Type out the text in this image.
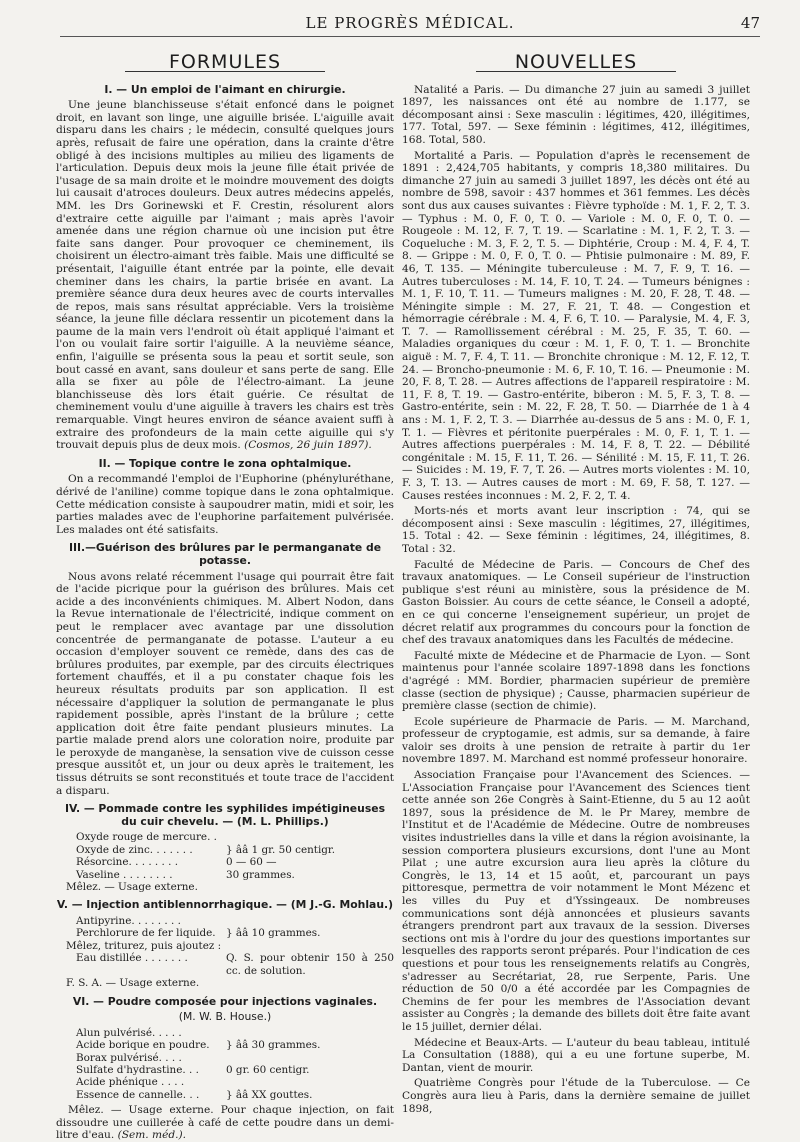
LE PROGRÈS MÉDICAL.	47
FORMULES
I. — Un emploi de l'aimant en chirurgie.

Une jeune blanchisseuse s'était enfoncé dans le poignet droit, en lavant son linge, une aiguille brisée. L'aiguille avait disparu dans les chairs ; le médecin, consulté quelques jours après, refusait de faire une opération, dans la crainte d'être obligé à des incisions multiples au milieu des ligaments de l'articulation. Depuis deux mois la jeune fille était privée de l'usage de sa main droite et le moindre mouvement des doigts lui causait d'atroces douleurs. Deux autres médecins appelés, MM. les Drs Gorinewski et F. Crestin, résolurent alors d'extraire cette aiguille par l'aimant ; mais après l'avoir amenée dans une région charnue où une incision put être faite sans danger. Pour provoquer ce cheminement, ils choisirent un électro-aimant très faible. Mais une difficulté se présentait, l'aiguille étant entrée par la pointe, elle devait cheminer dans les chairs, la partie brisée en avant. La première séance dura deux heures avec de courts intervalles de repos, mais sans résultat appréciable. Vers la troisième séance, la jeune fille déclara ressentir un picotement dans la paume de la main vers l'endroit où était appliqué l'aimant et l'on ou voulait faire sortir l'aiguille. A la neuvième séance, enfin, l'aiguille se présenta sous la peau et sortit seule, son bout cassé en avant, sans douleur et sans perte de sang. Elle alla se fixer au pôle de l'électro-aimant. La jeune blanchisseuse dès lors était guérie. Ce résultat de cheminement voulu d'une aiguille à travers les chairs est très remarquable. Vingt heures environ de séance avaient suffi à extraire des profondeurs de la main cette aiguille qui s'y trouvait depuis plus de deux mois. (Cosmos, 26 juin 1897).

II. — Topique contre le zona ophtalmique.

On a recommandé l'emploi de l'Euphorine (phényluréthane, dérivé de l'aniline) comme topique dans le zona ophtalmique. Cette médication consiste à saupoudrer matin, midi et soir, les parties malades avec de l'euphorine parfaitement pulvérisée. Les malades ont été satisfaits.

III.—Guérison des brûlures par le permanganate de potasse.

Nous avons relaté récemment l'usage qui pourrait être fait de l'acide picrique pour la guérison des brûlures. Mais cet acide a des inconvénients chimiques. M. Albert Nodon, dans la Revue internationale de l'électricité, indique comment on peut le remplacer avec avantage par une dissolution concentrée de permanganate de potasse. L'auteur a eu occasion d'employer souvent ce remède, dans des cas de brûlures produites, par exemple, par des circuits électriques fortement chauffés, et il a pu constater chaque fois les heureux résultats produits par son application. Il est nécessaire d'appliquer la solution de permanganate le plus rapidement possible, après l'instant de la brûlure ; cette application doit être faite pendant plusieurs minutes. La partie malade prend alors une coloration noire, produite par le peroxyde de manganèse, la sensation vive de cuisson cesse presque aussitôt et, un jour ou deux après le traitement, les tissus détruits se sont reconstitués et toute trace de l'accident a disparu.

IV. — Pommade contre les syphilides impétigineuses du cuir chevelu. — (M. L. Phillips.)
Oxyde rouge de mercure. .
Oxyde de zinc. . . . . . .	} ââ 1 gr. 50 centigr.
Résorcine. . . . . . . .	0 — 60 —
Vaseline . . . . . . . .	30 grammes.
Mêlez. — Usage externe.
V. — Injection antiblennorrhagique. — (M J.-G. Mohlau.)
Antipyrine. . . . . . . .
Perchlorure de fer liquide.	} ââ 10 grammes.
Mêlez, triturez, puis ajoutez :
Eau distillée . . . . . . .	Q. S. pour obtenir 150 à 250 cc. de solution.
F. S. A. — Usage externe.
VI. — Poudre composée pour injections vaginales.
(M. W. B. House.)
Alun pulvérisé. . . . .
Acide borique en poudre.	} ââ 30 grammes.
Borax pulvérisé. . . .
Sulfate d'hydrastine. . .	0 gr. 60 centigr.
Acide phénique . . . .
Essence de cannelle. . .	} ââ XX gouttes.

Mêlez. — Usage externe. Pour chaque injection, on fait dissoudre une cuillerée à café de cette poudre dans un demi-litre d'eau. (Sem. méd.).

NOUVELLES

Natalité a Paris. — Du dimanche 27 juin au samedi 3 juillet 1897, les naissances ont été au nombre de 1.177, se décomposant ainsi : Sexe masculin : légitimes, 420, illégitimes, 177. Total, 597. — Sexe féminin : légitimes, 412, illégitimes, 168. Total, 580.

Mortalité a Paris. — Population d'après le recensement de 1891 : 2,424,705 habitants, y compris 18,380 militaires. Du dimanche 27 juin au samedi 3 juillet 1897, les décès ont été au nombre de 598, savoir : 437 hommes et 361 femmes. Les décès sont dus aux causes suivantes : Fièvre typhoïde : M. 1, F. 2, T. 3. — Typhus : M. 0, F. 0, T. 0. — Variole : M. 0, F. 0, T. 0. — Rougeole : M. 12, F. 7, T. 19. — Scarlatine : M. 1, F. 2, T. 3. — Coqueluche : M. 3, F. 2, T. 5. — Diphtérie, Croup : M. 4, F. 4, T. 8. — Grippe : M. 0, F. 0, T. 0. — Phtisie pulmonaire : M. 89, F. 46, T. 135. — Méningite tuberculeuse : M. 7, F. 9, T. 16. — Autres tuberculoses : M. 14, F. 10, T. 24. — Tumeurs bénignes : M. 1, F. 10, T. 11. — Tumeurs malignes : M. 20, F. 28, T. 48. — Méningite simple : M. 27, F. 21, T. 48. — Congestion et hémorragie cérébrale : M. 4, F. 6, T. 10. — Paralysie, M. 4, F. 3, T. 7. — Ramollissement cérébral : M. 25, F. 35, T. 60. — Maladies organiques du cœur : M. 1, F. 0, T. 1. — Bronchite aiguë : M. 7, F. 4, T. 11. — Bronchite chronique : M. 12, F. 12, T. 24. — Broncho-pneumonie : M. 6, F. 10, T. 16. — Pneumonie : M. 20, F. 8, T. 28. — Autres affections de l'appareil respiratoire : M. 11, F. 8, T. 19. — Gastro-entérite, biberon : M. 5, F. 3, T. 8. — Gastro-entérite, sein : M. 22, F. 28, T. 50. — Diarrhée de 1 à 4 ans : M. 1, F. 2, T. 3. — Diarrhée au-dessus de 5 ans : M. 0, F. 1, T. 1. — Fièvres et péritonite puerpérales : M. 0, F. 1, T. 1. — Autres affections puerpérales : M. 14, F. 8, T. 22. — Débilité congénitale : M. 15, F. 11, T. 26. — Sénilité : M. 15, F. 11, T. 26. — Suicides : M. 19, F. 7, T. 26. — Autres morts violentes : M. 10, F. 3, T. 13. — Autres causes de mort : M. 69, F. 58, T. 127. — Causes restées inconnues : M. 2, F. 2, T. 4.

Morts-nés et morts avant leur inscription : 74, qui se décomposent ainsi : Sexe masculin : légitimes, 27, illégitimes, 15. Total : 42. — Sexe féminin : légitimes, 24, illégitimes, 8. Total : 32.

Faculté de Médecine de Paris. — Concours de Chef des travaux anatomiques. — Le Conseil supérieur de l'instruction publique s'est réuni au ministère, sous la présidence de M. Gaston Boissier. Au cours de cette séance, le Conseil a adopté, en ce qui concerne l'enseignement supérieur, un projet de décret relatif aux programmes du concours pour la fonction de chef des travaux anatomiques dans les Facultés de médecine.

Faculté mixte de Médecine et de Pharmacie de Lyon. — Sont maintenus pour l'année scolaire 1897-1898 dans les fonctions d'agrégé : MM. Bordier, pharmacien supérieur de première classe (section de physique) ; Causse, pharmacien supérieur de première classe (section de chimie).

Ecole supérieure de Pharmacie de Paris. — M. Marchand, professeur de cryptogamie, est admis, sur sa demande, à faire valoir ses droits à une pension de retraite à partir du 1er novembre 1897. M. Marchand est nommé professeur honoraire.

Association Française pour l'Avancement des Sciences. — L'Association Française pour l'Avancement des Sciences tient cette année son 26e Congrès à Saint-Etienne, du 5 au 12 août 1897, sous la présidence de M. le Pr Marey, membre de l'Institut et de l'Académie de Médecine. Outre de nombreuses visites industrielles dans la ville et dans la région avoisinante, la session comportera plusieurs excursions, dont l'une au Mont Pilat ; une autre excursion aura lieu après la clôture du Congrès, le 13, 14 et 15 août, et, parcourant un pays pittoresque, permettra de voir notamment le Mont Mézenc et les villes du Puy et d'Yssingeaux. De nombreuses communications sont déjà annoncées et plusieurs savants étrangers prendront part aux travaux de la session. Diverses sections ont mis à l'ordre du jour des questions importantes sur lesquelles des rapports seront préparés. Pour l'indication de ces questions et pour tous les renseignements relatifs au Congrès, s'adresser au Secrétariat, 28, rue Serpente, Paris. Une réduction de 50 0/0 a été accordée par les Compagnies de Chemins de fer pour les membres de l'Association devant assister au Congrès ; la demande des billets doit être faite avant le 15 juillet, dernier délai.

Médecine et Beaux-Arts. — L'auteur du beau tableau, intitulé La Consultation (1888), qui a eu une fortune superbe, M. Dantan, vient de mourir.

Quatrième Congrès pour l'étude de la Tuberculose. — Ce Congrès aura lieu à Paris, dans la dernière semaine de juillet 1898,
